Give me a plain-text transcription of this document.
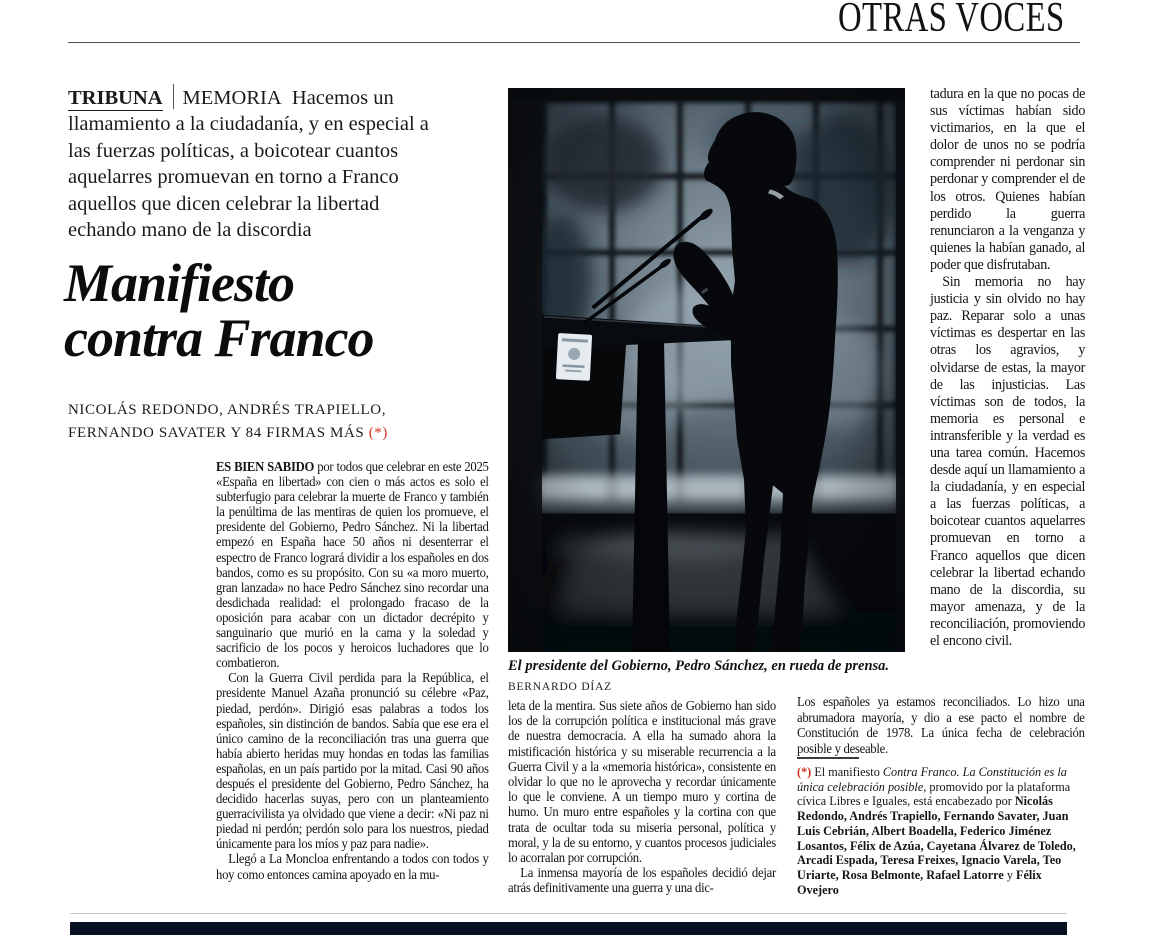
OTRAS VOCES
TRIBUNA MEMORIA Hacemos un llamamiento a la ciudadanía, y en especial a las fuerzas políticas, a boicotear cuantos aquelarres promuevan en torno a Franco aquellos que dicen celebrar la libertad echando mano de la discordia
Manifiesto
contra Franco
NICOLÁS REDONDO, ANDRÉS TRAPIELLO, FERNANDO SAVATER Y 84 FIRMAS MÁS (*)

ES BIEN SABIDO por todos que celebrar en este 2025 «España en libertad» con cien o más actos es solo el subterfugio para celebrar la muerte de Franco y también la penúltima de las mentiras de quien los promueve, el presidente del Gobierno, Pedro Sánchez. Ni la libertad empezó en España hace 50 años ni desenterrar el espectro de Franco logrará dividir a los españoles en dos bandos, como es su propósito. Con su «a moro muerto, gran lanzada» no hace Pedro Sánchez sino recordar una desdichada realidad: el prolongado fracaso de la oposición para acabar con un dictador decrépito y sanguinario que murió en la cama y la soledad y sacrificio de los pocos y heroicos luchadores que lo combatieron.

Con la Guerra Civil perdida para la República, el presidente Manuel Azaña pronunció su célebre «Paz, piedad, perdón». Dirigió esas palabras a todos los españoles, sin distinción de bandos. Sabía que ese era el único camino de la reconciliación tras una guerra que había abierto heridas muy hondas en todas las familias españolas, en un país partido por la mitad. Casi 90 años después el presidente del Gobierno, Pedro Sánchez, ha decidido hacerlas suyas, pero con un planteamiento guerracivilista ya olvidado que viene a decir: «Ni paz ni piedad ni perdón; perdón solo para los nuestros, piedad únicamente para los míos y paz para nadie».

Llegó a La Moncloa enfrentando a todos con todos y hoy como entonces camina apoyado en la mu-

El presidente del Gobierno, Pedro Sánchez, en rueda de prensa. BERNARDO DÍAZ

leta de la mentira. Sus siete años de Gobierno han sido los de la corrupción política e institucional más grave de nuestra democracia. A ella ha sumado ahora la mistificación histórica y su miserable recurrencia a la Guerra Civil y a la «memoria histórica», consistente en olvidar lo que no le aprovecha y recordar únicamente lo que le conviene. A un tiempo muro y cortina de humo. Un muro entre españoles y la cortina con que trata de ocultar toda su miseria personal, política y moral, y la de su entorno, y cuantos procesos judiciales lo acorralan por corrupción.

La inmensa mayoría de los españoles decidió dejar atrás definitivamente una guerra y una dic-

tadura en la que no pocas de sus víctimas habían sido victimarios, en la que el dolor de unos no se podría comprender ni perdonar sin perdonar y comprender el de los otros. Quienes habían perdido la guerra renunciaron a la venganza y quienes la habían ganado, al poder que disfrutaban.

Sin memoria no hay justicia y sin olvido no hay paz. Reparar solo a unas víctimas es despertar en las otras los agravios, y olvidarse de estas, la mayor de las injusticias. Las víctimas son de todos, la memoria es personal e intransferible y la verdad es una tarea común. Hacemos desde aquí un llamamiento a la ciudadanía, y en especial a las fuerzas políticas, a boicotear cuantos aquelarres promuevan en torno a Franco aquellos que dicen celebrar la libertad echando mano de la discordia, su mayor amenaza, y de la reconciliación, promoviendo el encono civil.

Los españoles ya estamos reconciliados. Lo hizo una abrumadora mayoría, y dio a ese pacto el nombre de Constitución de 1978. La única fecha de celebración posible y deseable.

(*) El manifiesto Contra Franco. La Constitución es la única celebración posible, promovido por la plataforma cívica Libres e Iguales, está encabezado por Nicolás Redondo, Andrés Trapiello, Fernando Savater, Juan Luis Cebrián, Albert Boadella, Federico Jiménez Losantos, Félix de Azúa, Cayetana Álvarez de Toledo, Arcadi Espada, Teresa Freixes, Ignacio Varela, Teo Uriarte, Rosa Belmonte, Rafael Latorre y Félix Ovejero
